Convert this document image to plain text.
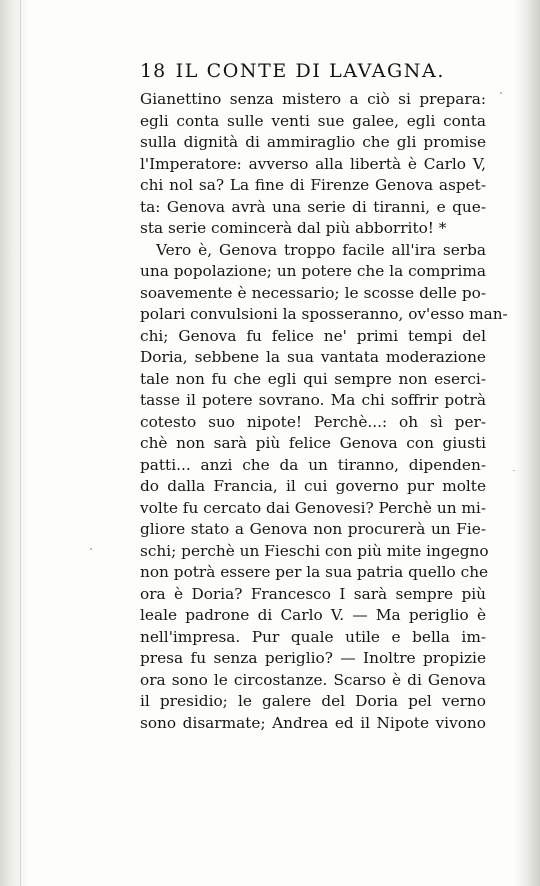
18 IL CONTE DI LAVAGNA.
Gianettino senza mistero a ciò si prepara:
egli conta sulle venti sue galee, egli conta
sulla dignità di ammiraglio che gli promise
l'Imperatore: avverso alla libertà è Carlo V,
chi nol sa? La fine di Firenze Genova aspet-
ta: Genova avrà una serie di tiranni, e que-
sta serie comincerà dal più abborrito! *
Vero è, Genova troppo facile all'ira serba
una popolazione; un potere che la comprima
soavemente è necessario; le scosse delle po-
polari convulsioni la sposseranno, ov'esso man-
chi; Genova fu felice ne' primi tempi del
Doria, sebbene la sua vantata moderazione
tale non fu che egli qui sempre non eserci-
tasse il potere sovrano. Ma chi soffrir potrà
cotesto suo nipote! Perchè...: oh sì per-
chè non sarà più felice Genova con giusti
patti... anzi che da un tiranno, dipenden-
do dalla Francia, il cui governo pur molte
volte fu cercato dai Genovesi? Perchè un mi-
gliore stato a Genova non procurerà un Fie-
schi; perchè un Fieschi con più mite ingegno
non potrà essere per la sua patria quello che
ora è Doria? Francesco I sarà sempre più
leale padrone di Carlo V. — Ma periglio è
nell'impresa. Pur quale utile e bella im-
presa fu senza periglio? — Inoltre propizie
ora sono le circostanze. Scarso è di Genova
il presidio; le galere del Doria pel verno
sono disarmate; Andrea ed il Nipote vivono
